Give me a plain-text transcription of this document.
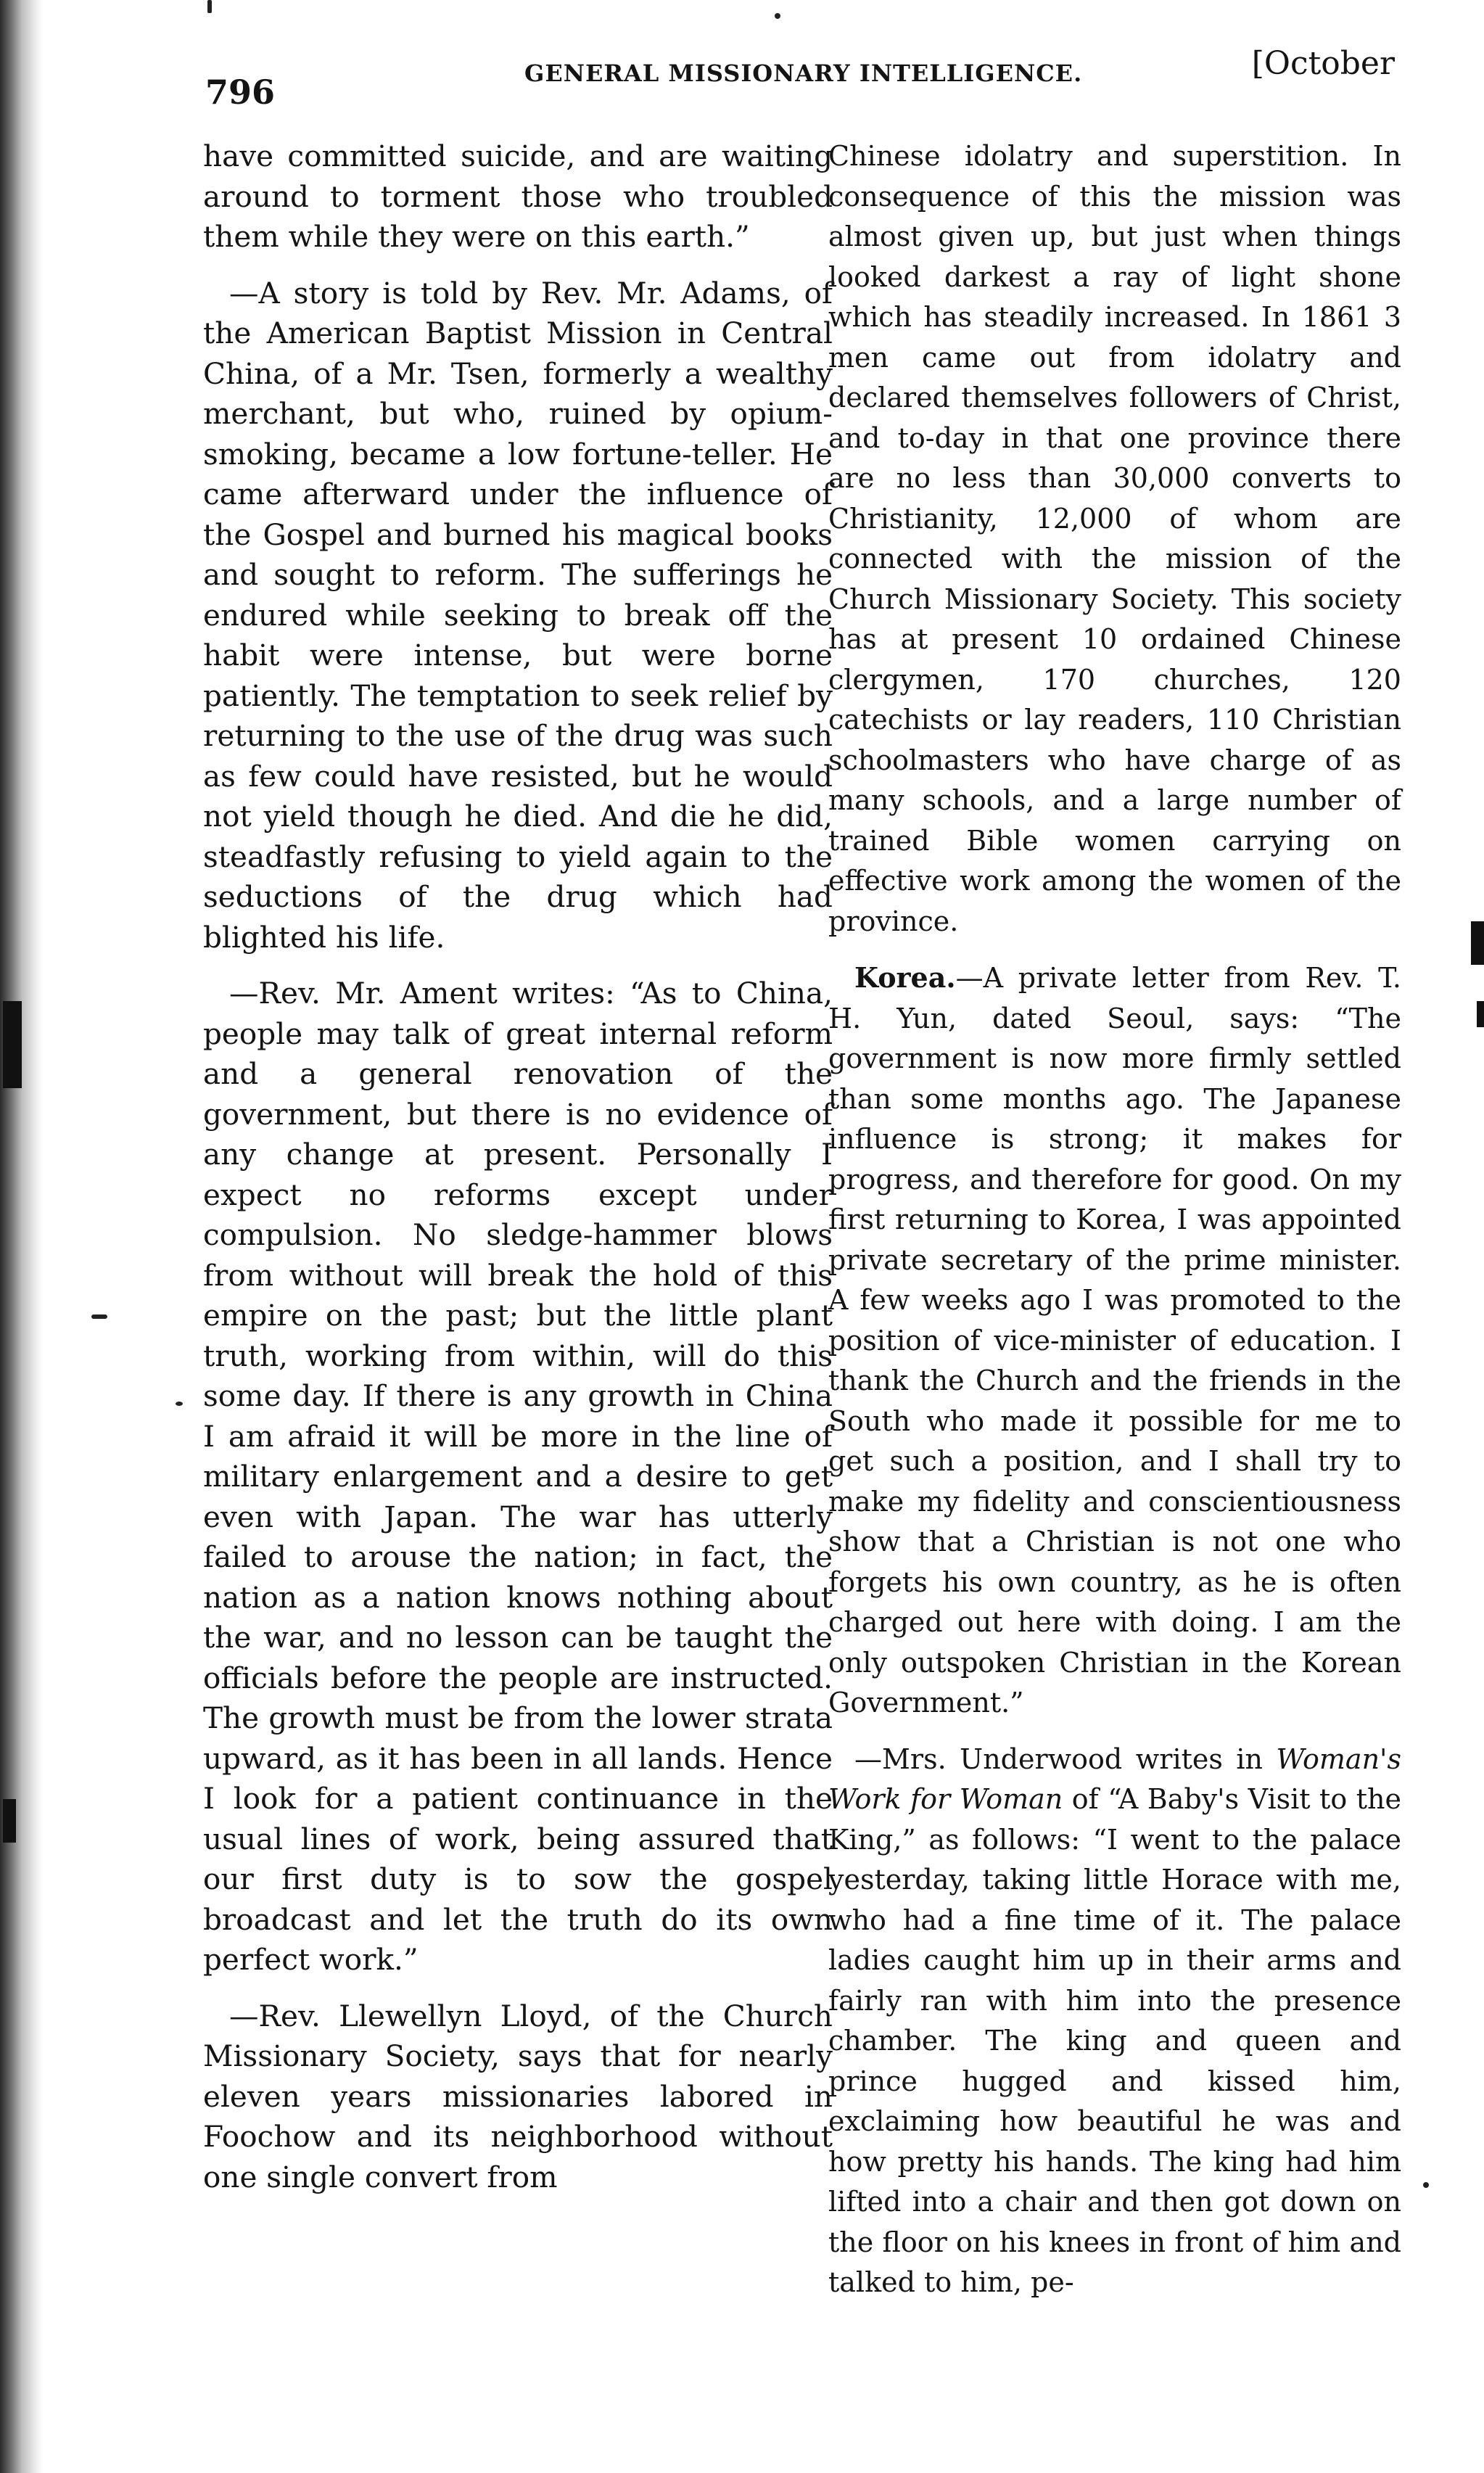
796	GENERAL MISSIONARY INTELLIGENCE.	[October

have committed suicide, and are waiting around to torment those who troubled them while they were on this earth.”

—A story is told by Rev. Mr. Adams, of the American Baptist Mission in Central China, of a Mr. Tsen, formerly a wealthy merchant, but who, ruined by opium-smoking, became a low fortune-teller. He came afterward under the influence of the Gospel and burned his magical books and sought to reform. The sufferings he endured while seeking to break off the habit were intense, but were borne patiently. The temptation to seek relief by returning to the use of the drug was such as few could have resisted, but he would not yield though he died. And die he did, steadfastly refusing to yield again to the seductions of the drug which had blighted his life.

—Rev. Mr. Ament writes: “As to China, people may talk of great internal reform and a general renovation of the government, but there is no evidence of any change at present. Personally I expect no reforms except under compulsion. No sledge-hammer blows from without will break the hold of this empire on the past; but the little plant truth, working from within, will do this some day. If there is any growth in China I am afraid it will be more in the line of military enlargement and a desire to get even with Japan. The war has utterly failed to arouse the nation; in fact, the nation as a nation knows nothing about the war, and no lesson can be taught the officials before the people are instructed. The growth must be from the lower strata upward, as it has been in all lands. Hence I look for a patient continuance in the usual lines of work, being assured that our first duty is to sow the gospel broadcast and let the truth do its own perfect work.”

—Rev. Llewellyn Lloyd, of the Church Missionary Society, says that for nearly eleven years missionaries labored in Foochow and its neighborhood without one single convert from

Chinese idolatry and superstition. In consequence of this the mission was almost given up, but just when things looked darkest a ray of light shone which has steadily increased. In 1861 3 men came out from idolatry and declared themselves followers of Christ, and to-day in that one province there are no less than 30,000 converts to Christianity, 12,000 of whom are connected with the mission of the Church Missionary Society. This society has at present 10 ordained Chinese clergymen, 170 churches, 120 catechists or lay readers, 110 Christian schoolmasters who have charge of as many schools, and a large number of trained Bible women carrying on effective work among the women of the province.

Korea.—A private letter from Rev. T. H. Yun, dated Seoul, says: “The government is now more firmly settled than some months ago. The Japanese influence is strong; it makes for progress, and therefore for good. On my first returning to Korea, I was appointed private secretary of the prime minister. A few weeks ago I was promoted to the position of vice-minister of education. I thank the Church and the friends in the South who made it possible for me to get such a position, and I shall try to make my fidelity and conscientiousness show that a Christian is not one who forgets his own country, as he is often charged out here with doing. I am the only outspoken Christian in the Korean Government.”

—Mrs. Underwood writes in Woman's Work for Woman of “A Baby's Visit to the King,” as follows: “I went to the palace yesterday, taking little Horace with me, who had a fine time of it. The palace ladies caught him up in their arms and fairly ran with him into the presence chamber. The king and queen and prince hugged and kissed him, exclaiming how beautiful he was and how pretty his hands. The king had him lifted into a chair and then got down on the floor on his knees in front of him and talked to him, pe-
